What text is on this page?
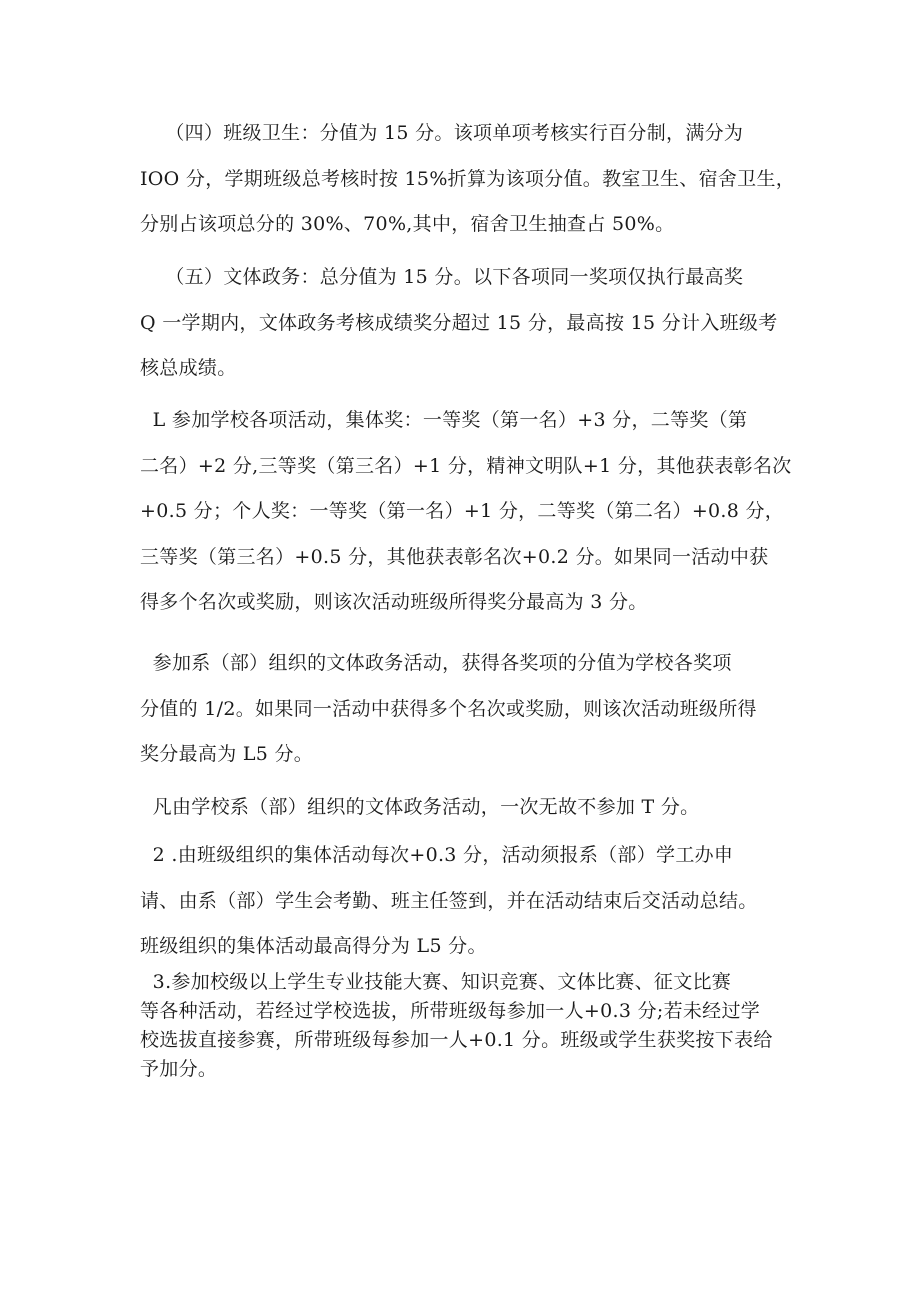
（四）班级卫生：分值为 15 分。该项单项考核实行百分制，满分为
IOO 分，学期班级总考核时按 15%折算为该项分值。教室卫生、宿舍卫生，
分别占该项总分的 30%、70%,其中，宿舍卫生抽查占 50%。

（五）文体政务：总分值为 15 分。以下各项同一奖项仅执行最高奖
Q 一学期内，文体政务考核成绩奖分超过 15 分，最高按 15 分计入班级考
核总成绩。

L 参加学校各项活动，集体奖：一等奖（第一名）+3 分，二等奖（第
二名）+2 分,三等奖（第三名）+1 分，精神文明队+1 分，其他获表彰名次
+0.5 分；个人奖：一等奖（第一名）+1 分，二等奖（第二名）+0.8 分，
三等奖（第三名）+0.5 分，其他获表彰名次+0.2 分。如果同一活动中获
得多个名次或奖励，则该次活动班级所得奖分最高为 3 分。

参加系（部）组织的文体政务活动，获得各奖项的分值为学校各奖项
分值的 1/2。如果同一活动中获得多个名次或奖励，则该次活动班级所得
奖分最高为 L5 分。

凡由学校系（部）组织的文体政务活动，一次无故不参加 T 分。

2 .由班级组织的集体活动每次+0.3 分，活动须报系（部）学工办申
请、由系（部）学生会考勤、班主任签到，并在活动结束后交活动总结。
班级组织的集体活动最高得分为 L5 分。

3.参加校级以上学生专业技能大赛、知识竞赛、文体比赛、征文比赛
等各种活动，若经过学校选拔，所带班级每参加一人+0.3 分;若未经过学
校选拔直接参赛，所带班级每参加一人+0.1 分。班级或学生获奖按下表给
予加分。
